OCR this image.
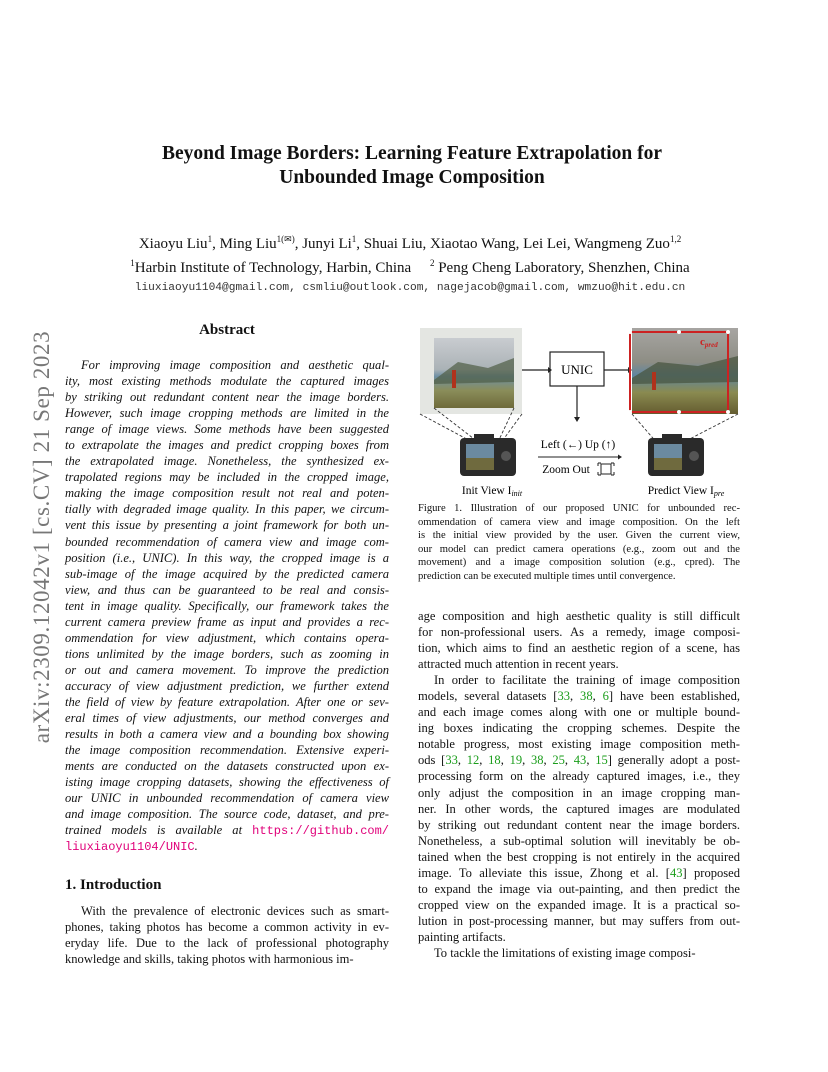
arXiv:2309.12042v1 [cs.CV] 21 Sep 2023
Beyond Image Borders: Learning Feature Extrapolation for
Unbounded Image Composition
Xiaoyu Liu$^1$, Ming Liu$^{1(✉)}$, Junyi Li$^1$, Shuai Liu, Xiaotao Wang, Lei Lei, Wangmeng Zuo$^{1,2}$
$^1$Harbin Institute of Technology, Harbin, China     $^2$ Peng Cheng Laboratory, Shenzhen, China
liuxiaoyu1104@gmail.com, csmliu@outlook.com, nagejacob@gmail.com, wmzuo@hit.edu.cn
Abstract
For improving image composition and aesthetic qual-
ity, most existing methods modulate the captured images
by striking out redundant content near the image borders.
However, such image cropping methods are limited in the
range of image views. Some methods have been suggested
to extrapolate the images and predict cropping boxes from
the extrapolated image. Nonetheless, the synthesized ex-
trapolated regions may be included in the cropped image,
making the image composition result not real and poten-
tially with degraded image quality. In this paper, we circum-
vent this issue by presenting a joint framework for both un-
bounded recommendation of camera view and image com-
position (i.e., UNIC). In this way, the cropped image is a
sub-image of the image acquired by the predicted camera
view, and thus can be guaranteed to be real and consis-
tent in image quality. Specifically, our framework takes the
current camera preview frame as input and provides a rec-
ommendation for view adjustment, which contains opera-
tions unlimited by the image borders, such as zooming in
or out and camera movement. To improve the prediction
accuracy of view adjustment prediction, we further extend
the field of view by feature extrapolation. After one or sev-
eral times of view adjustments, our method converges and
results in both a camera view and a bounding box showing
the image composition recommendation. Extensive experi-
ments are conducted on the datasets constructed upon ex-
isting image cropping datasets, showing the effectiveness of
our UNIC in unbounded recommendation of camera view
and image composition. The source code, dataset, and pre-
trained models is available at https://github.com/
liuxiaoyu1104/UNIC.
1. Introduction
With the prevalence of electronic devices such as smart-
phones, taking photos has become a common activity in ev-
eryday life. Due to the lack of professional photography
knowledge and skills, taking photos with harmonious im-
UNIC
cpred
Left (←) Up (↑)
Zoom Out
Init View Iinit	Predict View Ipre
Figure 1. Illustration of our proposed UNIC for unbounded rec-
ommendation of camera view and image composition. On the left
is the initial view provided by the user. Given the current view,
our model can predict camera operations (e.g., zoom out and the
movement) and a image composition solution (e.g., cpred). The
prediction can be executed multiple times until convergence.
age composition and high aesthetic quality is still difficult
for non-professional users. As a remedy, image composi-
tion, which aims to find an aesthetic region of a scene, has
attracted much attention in recent years.
In order to facilitate the training of image composition
models, several datasets [33, 38, 6] have been established,
and each image comes along with one or multiple bound-
ing boxes indicating the cropping schemes. Despite the
notable progress, most existing image composition meth-
ods [33, 12, 18, 19, 38, 25, 43, 15] generally adopt a post-
processing form on the already captured images, i.e., they
only adjust the composition in an image cropping man-
ner. In other words, the captured images are modulated
by striking out redundant content near the image borders.
Nonetheless, a sub-optimal solution will inevitably be ob-
tained when the best cropping is not entirely in the acquired
image. To alleviate this issue, Zhong et al. [43] proposed
to expand the image via out-painting, and then predict the
cropped view on the expanded image. It is a practical so-
lution in post-processing manner, but may suffers from out-
painting artifacts.
To tackle the limitations of existing image composi-
